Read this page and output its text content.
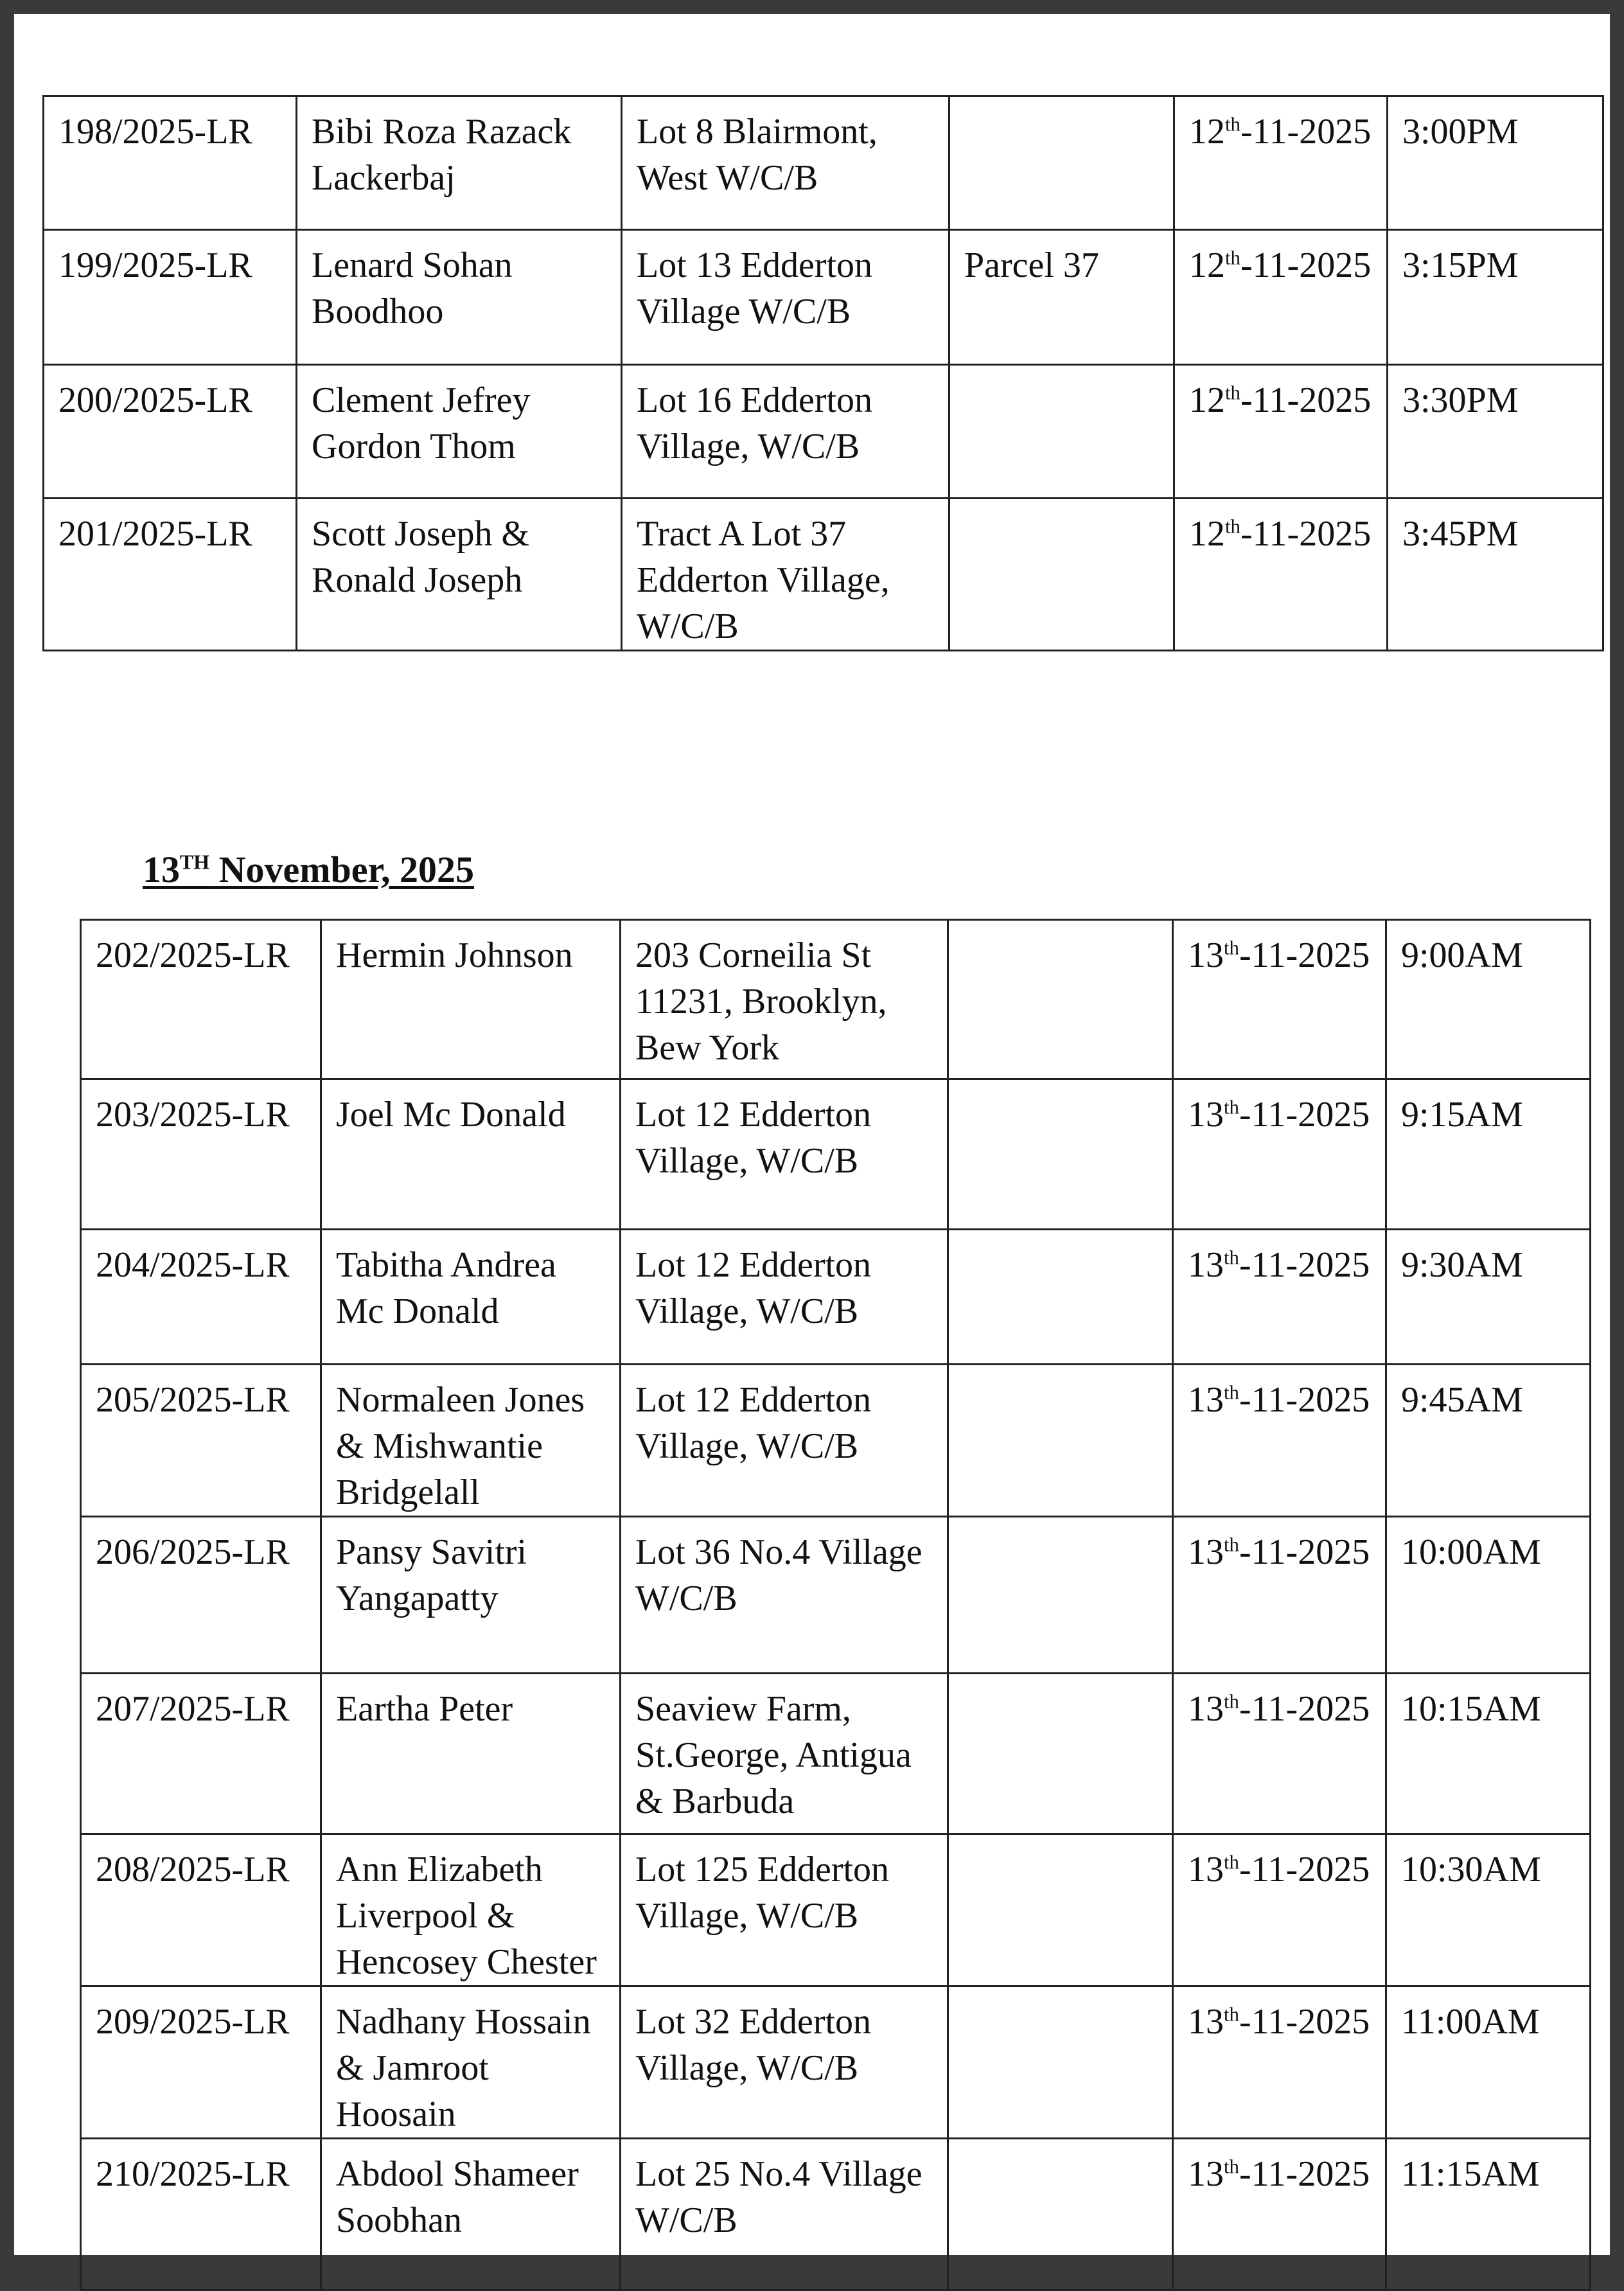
198/2025-LR	Bibi Roza Razack Lackerbaj	Lot 8 Blairmont, West W/C/B		12th-11-2025	3:00PM
199/2025-LR	Lenard Sohan Boodhoo	Lot 13 Edderton Village W/C/B	Parcel 37	12th-11-2025	3:15PM
200/2025-LR	Clement Jefrey Gordon Thom	Lot 16 Edderton Village, W/C/B		12th-11-2025	3:30PM
201/2025-LR	Scott Joseph & Ronald Joseph	Tract A Lot 37 Edderton Village, W/C/B		12th-11-2025	3:45PM
13TH November, 2025
202/2025-LR	Hermin Johnson	203 Corneilia St 11231, Brooklyn, Bew York		13th-11-2025	9:00AM
203/2025-LR	Joel Mc Donald	Lot 12 Edderton Village, W/C/B		13th-11-2025	9:15AM
204/2025-LR	Tabitha Andrea Mc Donald	Lot 12 Edderton Village, W/C/B		13th-11-2025	9:30AM
205/2025-LR	Normaleen Jones & Mishwantie Bridgelall	Lot 12 Edderton Village, W/C/B		13th-11-2025	9:45AM
206/2025-LR	Pansy Savitri Yangapatty	Lot 36 No.4 Village W/C/B		13th-11-2025	10:00AM
207/2025-LR	Eartha Peter	Seaview Farm, St.George, Antigua & Barbuda		13th-11-2025	10:15AM
208/2025-LR	Ann Elizabeth Liverpool & Hencosey Chester	Lot 125 Edderton Village, W/C/B		13th-11-2025	10:30AM
209/2025-LR	Nadhany Hossain & Jamroot Hoosain	Lot 32 Edderton Village, W/C/B		13th-11-2025	11:00AM
210/2025-LR	Abdool Shameer Soobhan	Lot 25 No.4 Village W/C/B		13th-11-2025	11:15AM
